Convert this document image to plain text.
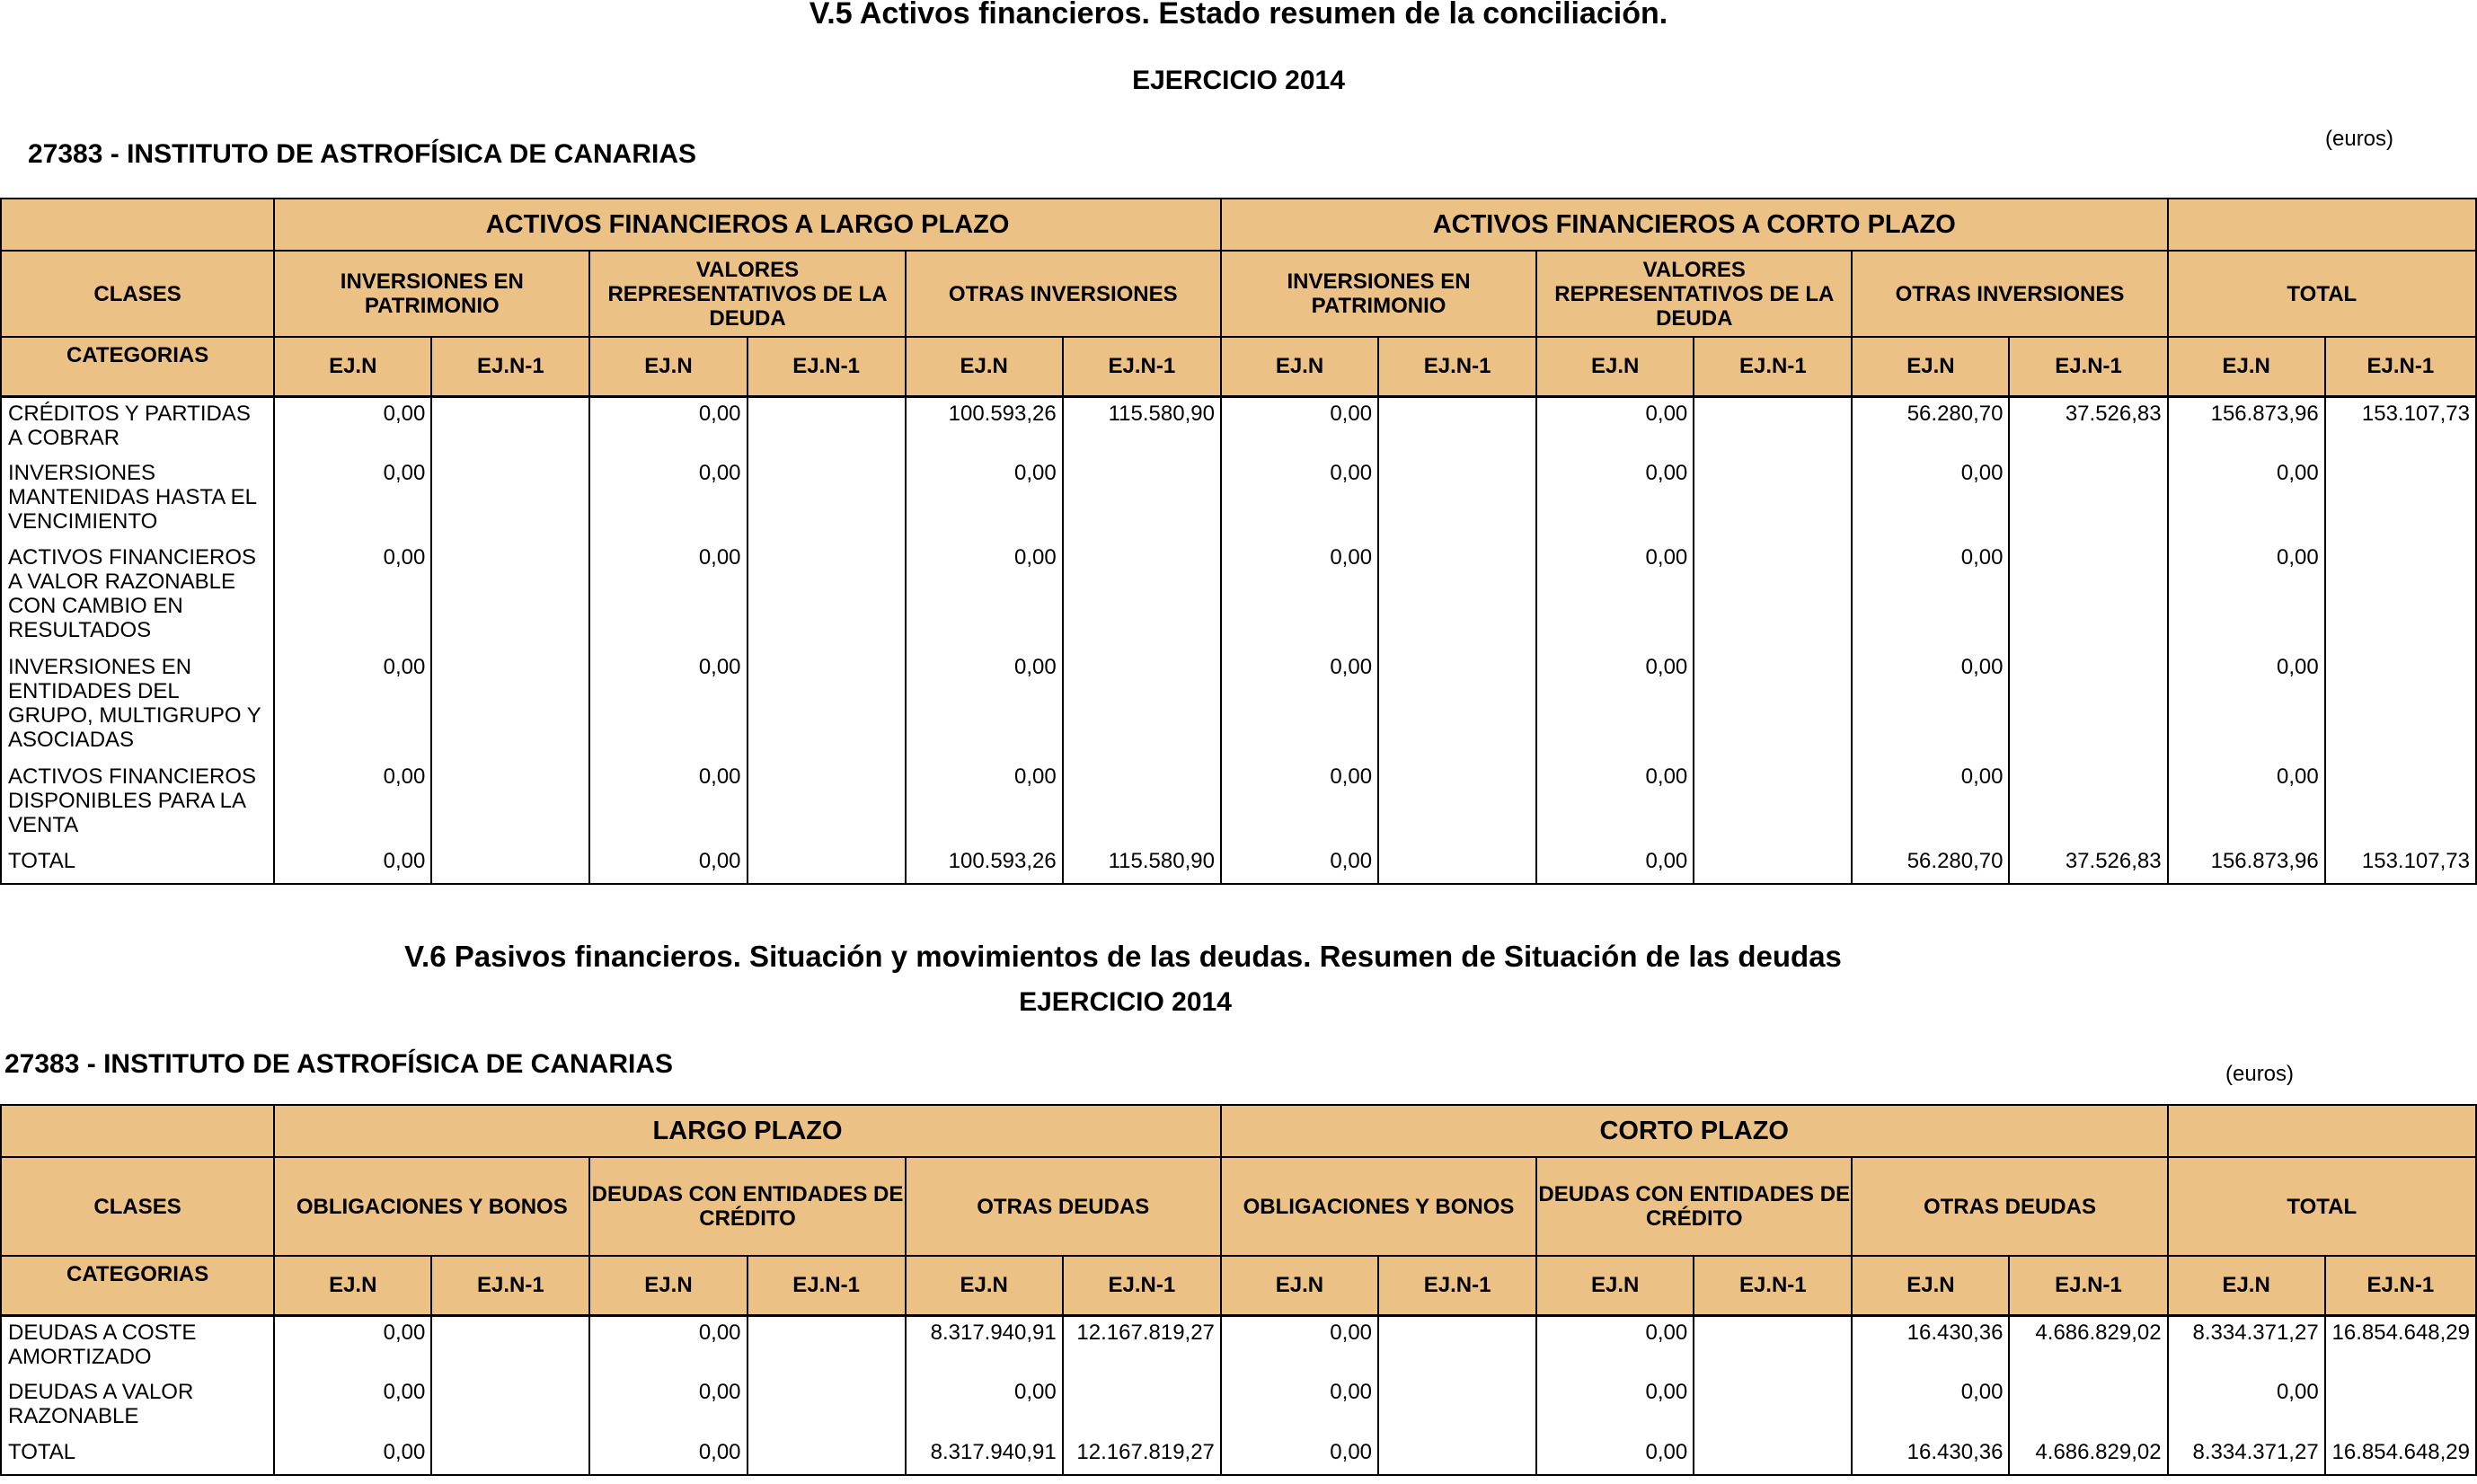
V.5 Activos financieros. Estado resumen de la conciliación.
EJERCICIO 2014
27383 - INSTITUTO DE ASTROFÍSICA DE CANARIAS
(euros)
	ACTIVOS FINANCIEROS A LARGO PLAZO						ACTIVOS FINANCIEROS A CORTO PLAZO							
CLASES	INVERSIONES EN PATRIMONIO		VALORES REPRESENTATIVOS DE LA DEUDA		OTRAS INVERSIONES		INVERSIONES EN PATRIMONIO		VALORES REPRESENTATIVOS DE LA DEUDA		OTRAS INVERSIONES		TOTAL	
CATEGORIAS	EJ.N	EJ.N-1	EJ.N	EJ.N-1	EJ.N	EJ.N-1	EJ.N	EJ.N-1	EJ.N	EJ.N-1	EJ.N	EJ.N-1	EJ.N	EJ.N-1
CRÉDITOS Y PARTIDAS A COBRAR	0,00		0,00		100.593,26	115.580,90	0,00		0,00		56.280,70	37.526,83	156.873,96	153.107,73
INVERSIONES MANTENIDAS HASTA EL VENCIMIENTO	0,00		0,00		0,00		0,00		0,00		0,00		0,00	
ACTIVOS FINANCIEROS A VALOR RAZONABLE CON CAMBIO EN RESULTADOS	0,00		0,00		0,00		0,00		0,00		0,00		0,00	
INVERSIONES EN ENTIDADES DEL GRUPO, MULTIGRUPO Y ASOCIADAS	0,00		0,00		0,00		0,00		0,00		0,00		0,00	
ACTIVOS FINANCIEROS DISPONIBLES PARA LA VENTA	0,00		0,00		0,00		0,00		0,00		0,00		0,00	
TOTAL	0,00		0,00		100.593,26	115.580,90	0,00		0,00		56.280,70	37.526,83	156.873,96	153.107,73
V.6 Pasivos financieros. Situación y movimientos de las deudas. Resumen de Situación de las deudas
EJERCICIO 2014
27383 - INSTITUTO DE ASTROFÍSICA DE CANARIAS	(euros)
	LARGO PLAZO						CORTO PLAZO							
CLASES	OBLIGACIONES Y BONOS		DEUDAS CON ENTIDADES DE CRÉDITO		OTRAS DEUDAS		OBLIGACIONES Y BONOS		DEUDAS CON ENTIDADES DE CRÉDITO		OTRAS DEUDAS		TOTAL	
CATEGORIAS	EJ.N	EJ.N-1	EJ.N	EJ.N-1	EJ.N	EJ.N-1	EJ.N	EJ.N-1	EJ.N	EJ.N-1	EJ.N	EJ.N-1	EJ.N	EJ.N-1
DEUDAS A COSTE AMORTIZADO	0,00		0,00		8.317.940,91	12.167.819,27	0,00		0,00		16.430,36	4.686.829,02	8.334.371,27	16.854.648,29
DEUDAS A VALOR RAZONABLE	0,00		0,00		0,00		0,00		0,00		0,00		0,00	
TOTAL	0,00		0,00		8.317.940,91	12.167.819,27	0,00		0,00		16.430,36	4.686.829,02	8.334.371,27	16.854.648,29
